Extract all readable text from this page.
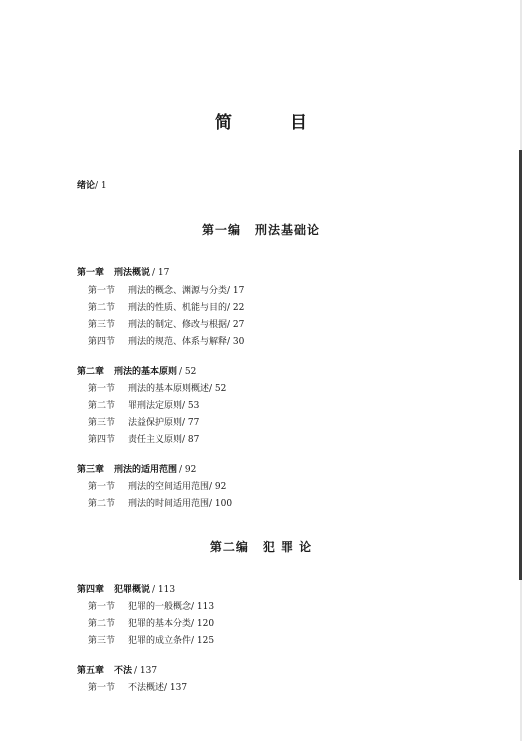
简 目
绪论/ 1
第一编 刑法基础论
第一章 刑法概说 / 17
第一节 刑法的概念、渊源与分类/ 17
第二节 刑法的性质、机能与目的/ 22
第三节 刑法的制定、修改与根据/ 27
第四节 刑法的规范、体系与解释/ 30
第二章 刑法的基本原则 / 52
第一节 刑法的基本原则概述/ 52
第二节 罪刑法定原则/ 53
第三节 法益保护原则/ 77
第四节 责任主义原则/ 87
第三章 刑法的适用范围 / 92
第一节 刑法的空间适用范围/ 92
第二节 刑法的时间适用范围/ 100
第二编 犯 罪 论
第四章 犯罪概说 / 113
第一节 犯罪的一般概念/ 113
第二节 犯罪的基本分类/ 120
第三节 犯罪的成立条件/ 125
第五章 不法 / 137
第一节 不法概述/ 137
